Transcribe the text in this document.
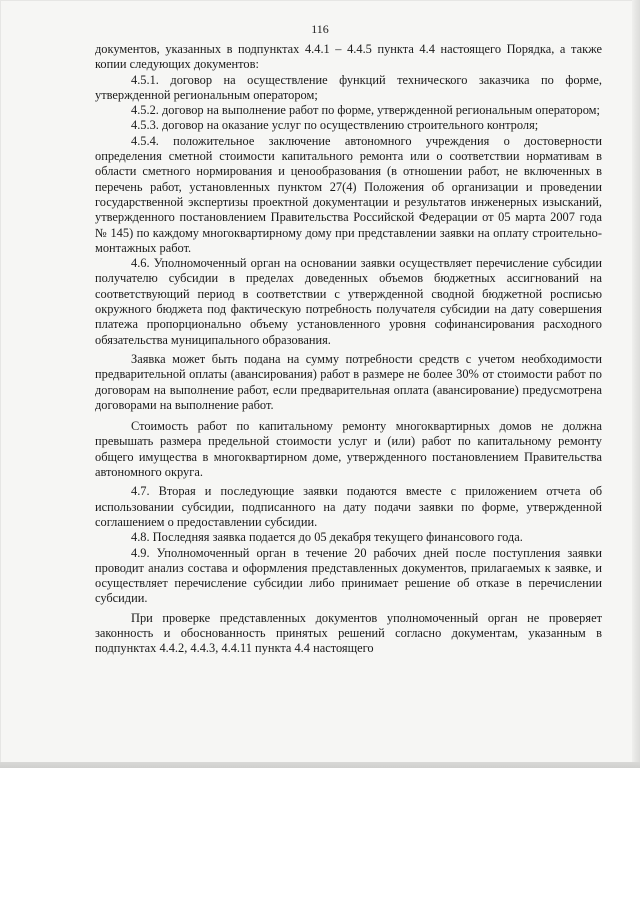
116

документов, указанных в подпунктах 4.4.1 – 4.4.5 пункта 4.4 настоящего Порядка, а также копии следующих документов:

4.5.1. договор на осуществление функций технического заказчика по форме, утвержденной региональным оператором;

4.5.2. договор на выполнение работ по форме, утвержденной региональным оператором;

4.5.3. договор на оказание услуг по осуществлению строительного контроля;

4.5.4. положительное заключение автономного учреждения о достоверности определения сметной стоимости капитального ремонта или о соответствии нормативам в области сметного нормирования и ценообразования (в отношении работ, не включенных в перечень работ, установленных пунктом 27(4) Положения об организации и проведении государственной экспертизы проектной документации и результатов инженерных изысканий, утвержденного постановлением Правительства Российской Федерации от 05 марта 2007 года № 145) по каждому многоквартирному дому при представлении заявки на оплату строительно-монтажных работ.

4.6. Уполномоченный орган на основании заявки осуществляет перечисление субсидии получателю субсидии в пределах доведенных объемов бюджетных ассигнований на соответствующий период в соответствии с утвержденной сводной бюджетной росписью окружного бюджета под фактическую потребность получателя субсидии на дату совершения платежа пропорционально объему установленного уровня софинансирования расходного обязательства муниципального образования.

Заявка может быть подана на сумму потребности средств с учетом необходимости предварительной оплаты (авансирования) работ в размере не более 30% от стоимости работ по договорам на выполнение работ, если предварительная оплата (авансирование) предусмотрена договорами на выполнение работ.

Стоимость работ по капитальному ремонту многоквартирных домов не должна превышать размера предельной стоимости услуг и (или) работ по капитальному ремонту общего имущества в многоквартирном доме, утвержденного постановлением Правительства автономного округа.

4.7. Вторая и последующие заявки подаются вместе с приложением отчета об использовании субсидии, подписанного на дату подачи заявки по форме, утвержденной соглашением о предоставлении субсидии.

4.8. Последняя заявка подается до 05 декабря текущего финансового года.

4.9. Уполномоченный орган в течение 20 рабочих дней после поступления заявки проводит анализ состава и оформления представленных документов, прилагаемых к заявке, и осуществляет перечисление субсидии либо принимает решение об отказе в перечислении субсидии.

При проверке представленных документов уполномоченный орган не проверяет законность и обоснованность принятых решений согласно документам, указанным в подпунктах 4.4.2, 4.4.3, 4.4.11 пункта 4.4 настоящего
